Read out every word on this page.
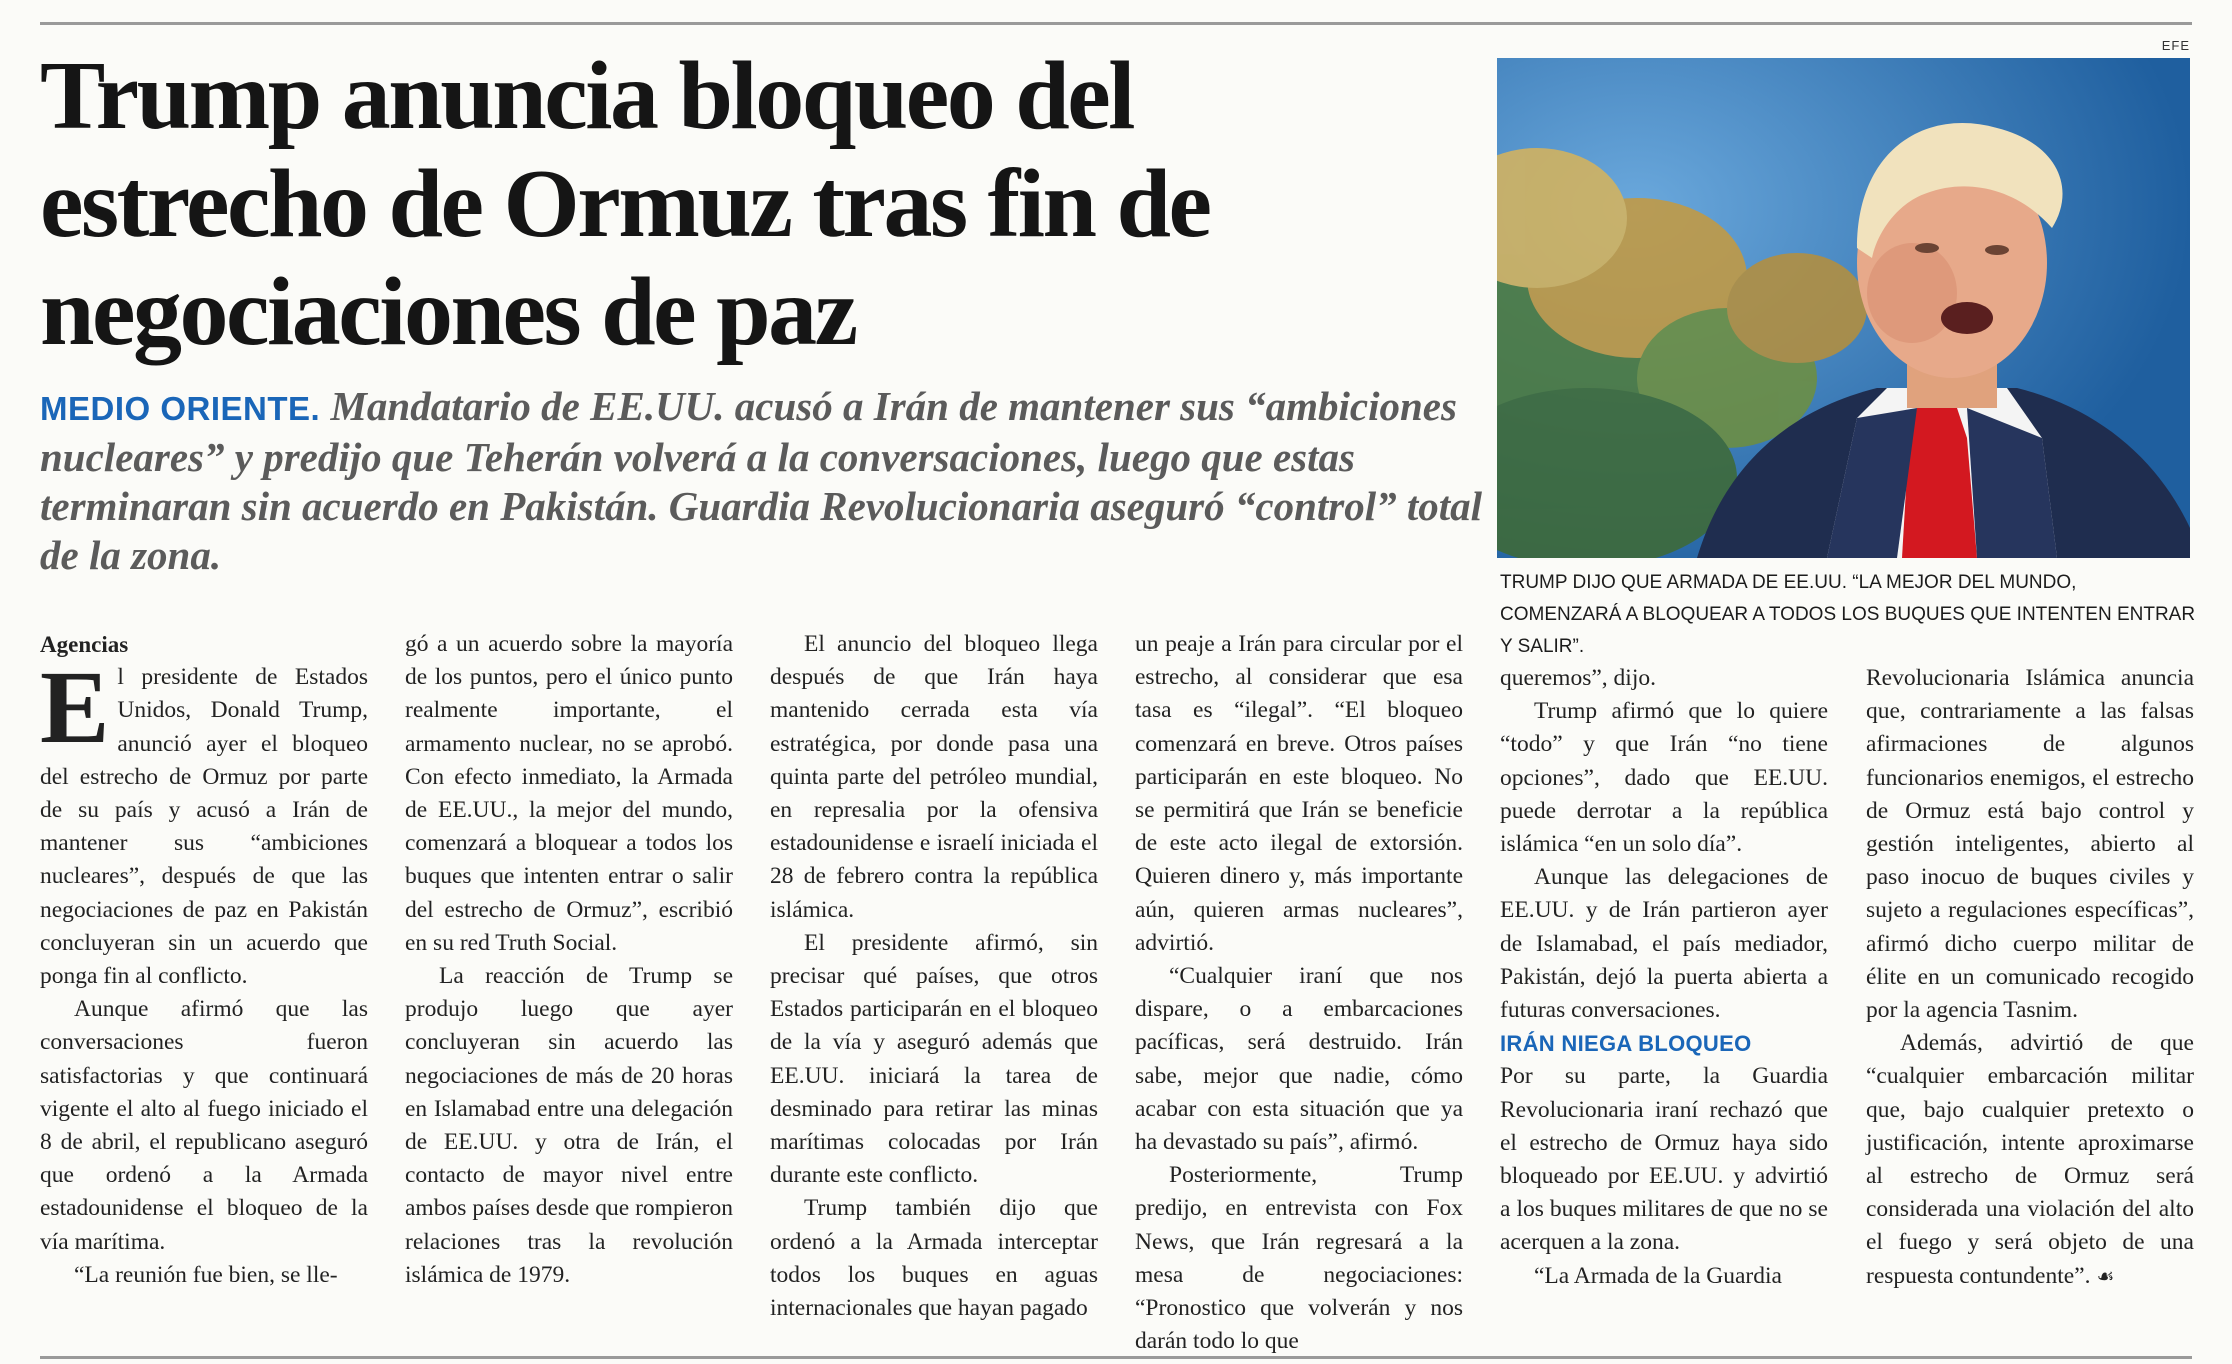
Trump anuncia bloqueo del estrecho de Ormuz tras fin de negociaciones de paz

MEDIO ORIENTE. Mandatario de EE.UU. acusó a Irán de mantener sus “ambiciones nucleares” y predijo que Teherán volverá a la conversaciones, luego que estas terminaran sin acuerdo en Pakistán. Guardia Revolucionaria aseguró “control” total de la zona.

EFE

TRUMP DIJO QUE ARMADA DE EE.UU. “LA MEJOR DEL MUNDO, COMENZARÁ A BLOQUEAR A TODOS LOS BUQUES QUE INTENTEN ENTRAR Y SALIR”.

Agencias

El presidente de Estados Unidos, Donald Trump, anunció ayer el bloqueo del estrecho de Ormuz por parte de su país y acusó a Irán de mantener sus “ambiciones nucleares”, después de que las negociaciones de paz en Pakistán concluyeran sin un acuerdo que ponga fin al conflicto.

Aunque afirmó que las conversaciones fueron satisfactorias y que continuará vigente el alto al fuego iniciado el 8 de abril, el republicano aseguró que ordenó a la Armada estadounidense el bloqueo de la vía marítima.

“La reunión fue bien, se lle-

gó a un acuerdo sobre la mayoría de los puntos, pero el único punto realmente importante, el armamento nuclear, no se aprobó. Con efecto inmediato, la Armada de EE.UU., la mejor del mundo, comenzará a bloquear a todos los buques que intenten entrar o salir del estrecho de Ormuz”, escribió en su red Truth Social.

La reacción de Trump se produjo luego que ayer concluyeran sin acuerdo las negociaciones de más de 20 horas en Islamabad entre una delegación de EE.UU. y otra de Irán, el contacto de mayor nivel entre ambos países desde que rompieron relaciones tras la revolución islámica de 1979.

El anuncio del bloqueo llega después de que Irán haya mantenido cerrada esta vía estratégica, por donde pasa una quinta parte del petróleo mundial, en represalia por la ofensiva estadounidense e israelí iniciada el 28 de febrero contra la república islámica.

El presidente afirmó, sin precisar qué países, que otros Estados participarán en el bloqueo de la vía y aseguró además que EE.UU. iniciará la tarea de desminado para retirar las minas marítimas colocadas por Irán durante este conflicto.

Trump también dijo que ordenó a la Armada interceptar todos los buques en aguas internacionales que hayan pagado

un peaje a Irán para circular por el estrecho, al considerar que esa tasa es “ilegal”. “El bloqueo comenzará en breve. Otros países participarán en este bloqueo. No se permitirá que Irán se beneficie de este acto ilegal de extorsión. Quieren dinero y, más importante aún, quieren armas nucleares”, advirtió.

“Cualquier iraní que nos dispare, o a embarcaciones pacíficas, será destruido. Irán sabe, mejor que nadie, cómo acabar con esta situación que ya ha devastado su país”, afirmó.

Posteriormente, Trump predijo, en entrevista con Fox News, que Irán regresará a la mesa de negociaciones: “Pronostico que volverán y nos darán todo lo que

queremos”, dijo.

Trump afirmó que lo quiere “todo” y que Irán “no tiene opciones”, dado que EE.UU. puede derrotar a la república islámica “en un solo día”.

Aunque las delegaciones de EE.UU. y de Irán partieron ayer de Islamabad, el país mediador, Pakistán, dejó la puerta abierta a futuras conversaciones.

IRÁN NIEGA BLOQUEO

Por su parte, la Guardia Revolucionaria iraní rechazó que el estrecho de Ormuz haya sido bloqueado por EE.UU. y advirtió a los buques militares de que no se acerquen a la zona.

“La Armada de la Guardia

Revolucionaria Islámica anuncia que, contrariamente a las falsas afirmaciones de algunos funcionarios enemigos, el estrecho de Ormuz está bajo control y gestión inteligentes, abierto al paso inocuo de buques civiles y sujeto a regulaciones específicas”, afirmó dicho cuerpo militar de élite en un comunicado recogido por la agencia Tasnim.

Además, advirtió de que “cualquier embarcación militar que, bajo cualquier pretexto o justificación, intente aproximarse al estrecho de Ormuz será considerada una violación del alto el fuego y será objeto de una respuesta contundente”. ☙
